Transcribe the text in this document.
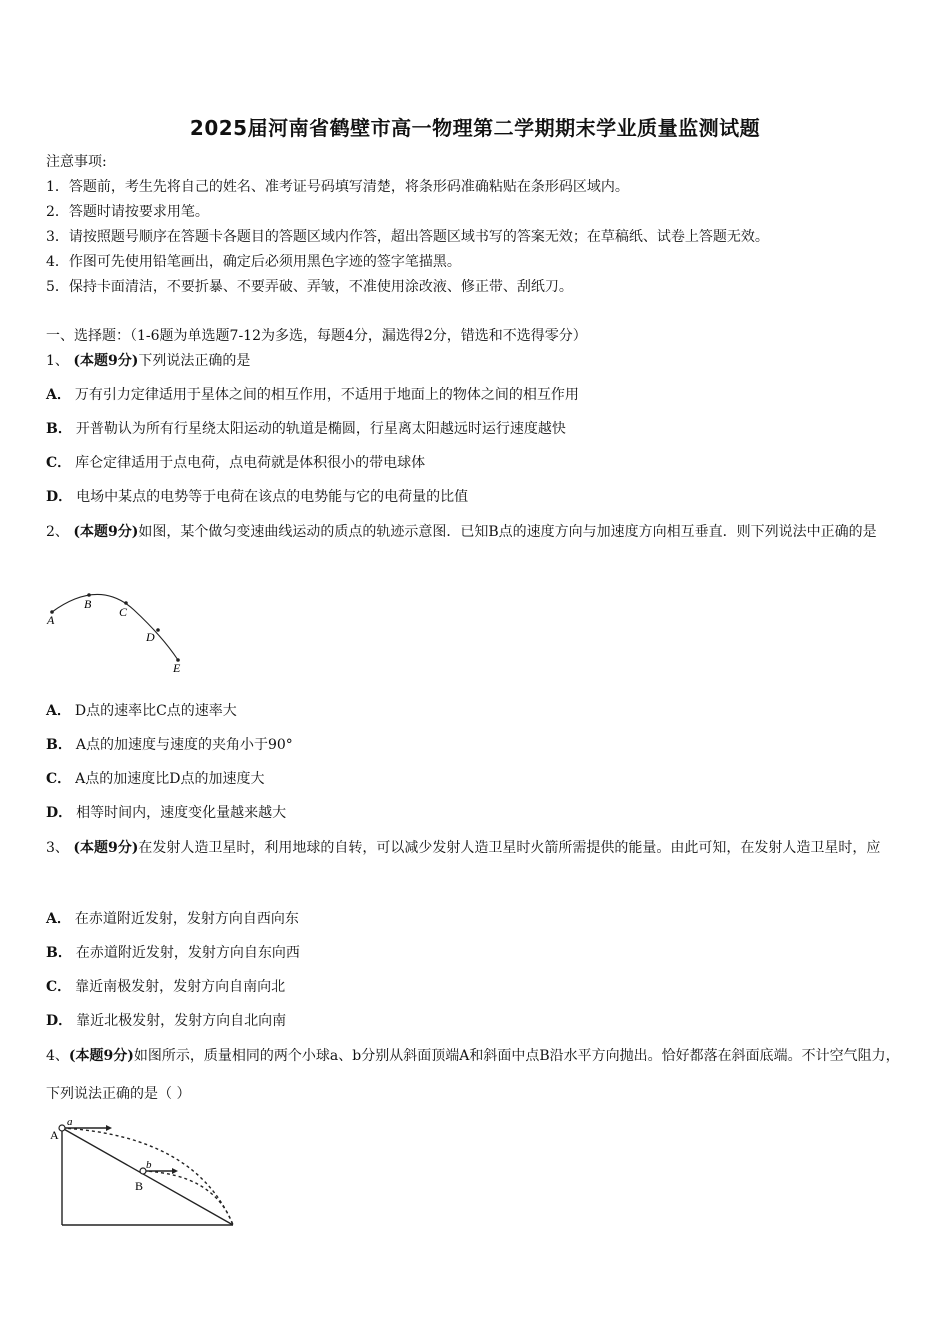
2025届河南省鹤壁市高一物理第二学期期末学业质量监测试题
注意事项:
1．答题前，考生先将自己的姓名、准考证号码填写清楚，将条形码准确粘贴在条形码区域内。
2．答题时请按要求用笔。
3．请按照题号顺序在答题卡各题目的答题区域内作答，超出答题区域书写的答案无效；在草稿纸、试卷上答题无效。
4．作图可先使用铅笔画出，确定后必须用黑色字迹的签字笔描黑。
5．保持卡面清洁，不要折暴、不要弄破、弄皱，不准使用涂改液、修正带、刮纸刀。
一、选择题：（1-6题为单选题7-12为多选，每题4分，漏选得2分，错选和不选得零分）
1、 (本题9分)下列说法正确的是
A． 万有引力定律适用于星体之间的相互作用，不适用于地面上的物体之间的相互作用
B． 开普勒认为所有行星绕太阳运动的轨道是椭圆，行星离太阳越远时运行速度越快
C． 库仑定律适用于点电荷，点电荷就是体积很小的带电球体
D． 电场中某点的电势等于电荷在该点的电势能与它的电荷量的比值
2、 (本题9分)如图，某个做匀变速曲线运动的质点的轨迹示意图．已知B点的速度方向与加速度方向相互垂直．则下列说法中正确的是
A
B
C
D
E
A． D点的速率比C点的速率大
B． A点的加速度与速度的夹角小于90°
C． A点的加速度比D点的加速度大
D． 相等时间内，速度变化量越来越大
3、 (本题9分)在发射人造卫星时，利用地球的自转，可以减少发射人造卫星时火箭所需提供的能量。由此可知，在发射人造卫星时，应
A． 在赤道附近发射，发射方向自西向东
B． 在赤道附近发射，发射方向自东向西
C． 靠近南极发射，发射方向自南向北
D． 靠近北极发射，发射方向自北向南
4、(本题9分)如图所示，质量相同的两个小球a、b分别从斜面顶端A和斜面中点B沿水平方向抛出。恰好都落在斜面底端。不计空气阻力，下列说法正确的是（ ）
A
B
a
b
